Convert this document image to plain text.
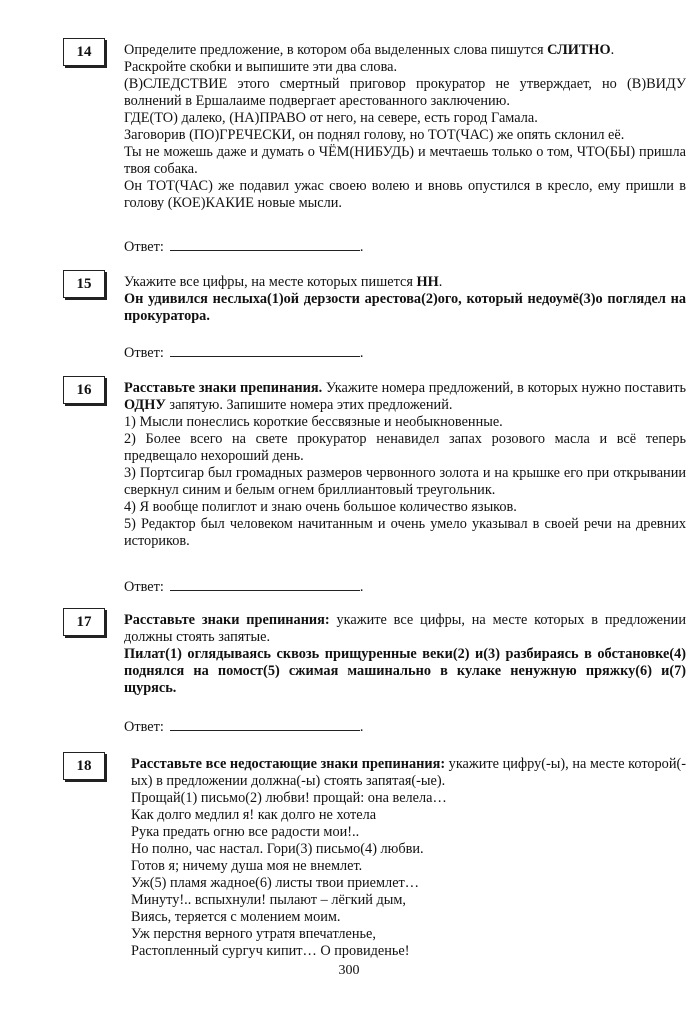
14	Определите предложение, в котором оба выделенных слова пишутся СЛИТНО.

Раскройте скобки и выпишите эти два слова.

(В)СЛЕДСТВИЕ этого смертный приговор прокуратор не утверждает, но (В)ВИДУ волнений в Ершалаиме подвергает арестованного заключению.

ГДЕ(ТО) далеко, (НА)ПРАВО от него, на севере, есть город Гамала.

Заговорив (ПО)ГРЕЧЕСКИ, он поднял голову, но ТОТ(ЧАС) же опять склонил её.

Ты не можешь даже и думать о ЧЁМ(НИБУДЬ) и мечтаешь только о том, ЧТО(БЫ) пришла твоя собака.

Он ТОТ(ЧАС) же подавил ужас своею волею и вновь опустился в кресло, ему пришли в голову (КОЕ)КАКИЕ новые мысли.

Ответ:	.
15	Укажите все цифры, на месте которых пишется НН.

Он удивился неслыха(1)ой дерзости арестова(2)ого, который недоумё(3)о поглядел на прокуратора.

Ответ:	.
16	Расставьте знаки препинания. Укажите номера предложений, в которых нужно поставить ОДНУ запятую. Запишите номера этих предложений.

1) Мысли понеслись короткие бессвязные и необыкновенные.

2) Более всего на свете прокуратор ненавидел запах розового масла и всё теперь предвещало нехороший день.

3) Портсигар был громадных размеров червонного золота и на крышке его при открывании сверкнул синим и белым огнем бриллиантовый треугольник.

4) Я вообще полиглот и знаю очень большое количество языков.

5) Редактор был человеком начитанным и очень умело указывал в своей речи на древних историков.

Ответ:	.
17	Расставьте знаки препинания: укажите все цифры, на месте которых в предложении должны стоять запятые.

Пилат(1) оглядываясь сквозь прищуренные веки(2) и(3) разбираясь в обстановке(4) поднялся на помост(5) сжимая машинально в кулаке ненужную пряжку(6) и(7) щурясь.

Ответ:	.
18	Расставьте все недостающие знаки препинания: укажите цифру(-ы), на месте которой(-ых) в предложении должна(-ы) стоять запятая(-ые).

Прощай(1) письмо(2) любви! прощай: она велела…

Как долго медлил я! как долго не хотела

Рука предать огню все радости мои!..

Но полно, час настал. Гори(3) письмо(4) любви.

Готов я; ничему душа моя не внемлет.

Уж(5) пламя жадное(6) листы твои приемлет…

Минуту!.. вспыхнули! пылают – лёгкий дым,

Виясь, теряется с молением моим.

Уж перстня верного утратя впечатленье,

Растопленный сургуч кипит… О провиденье!

300
